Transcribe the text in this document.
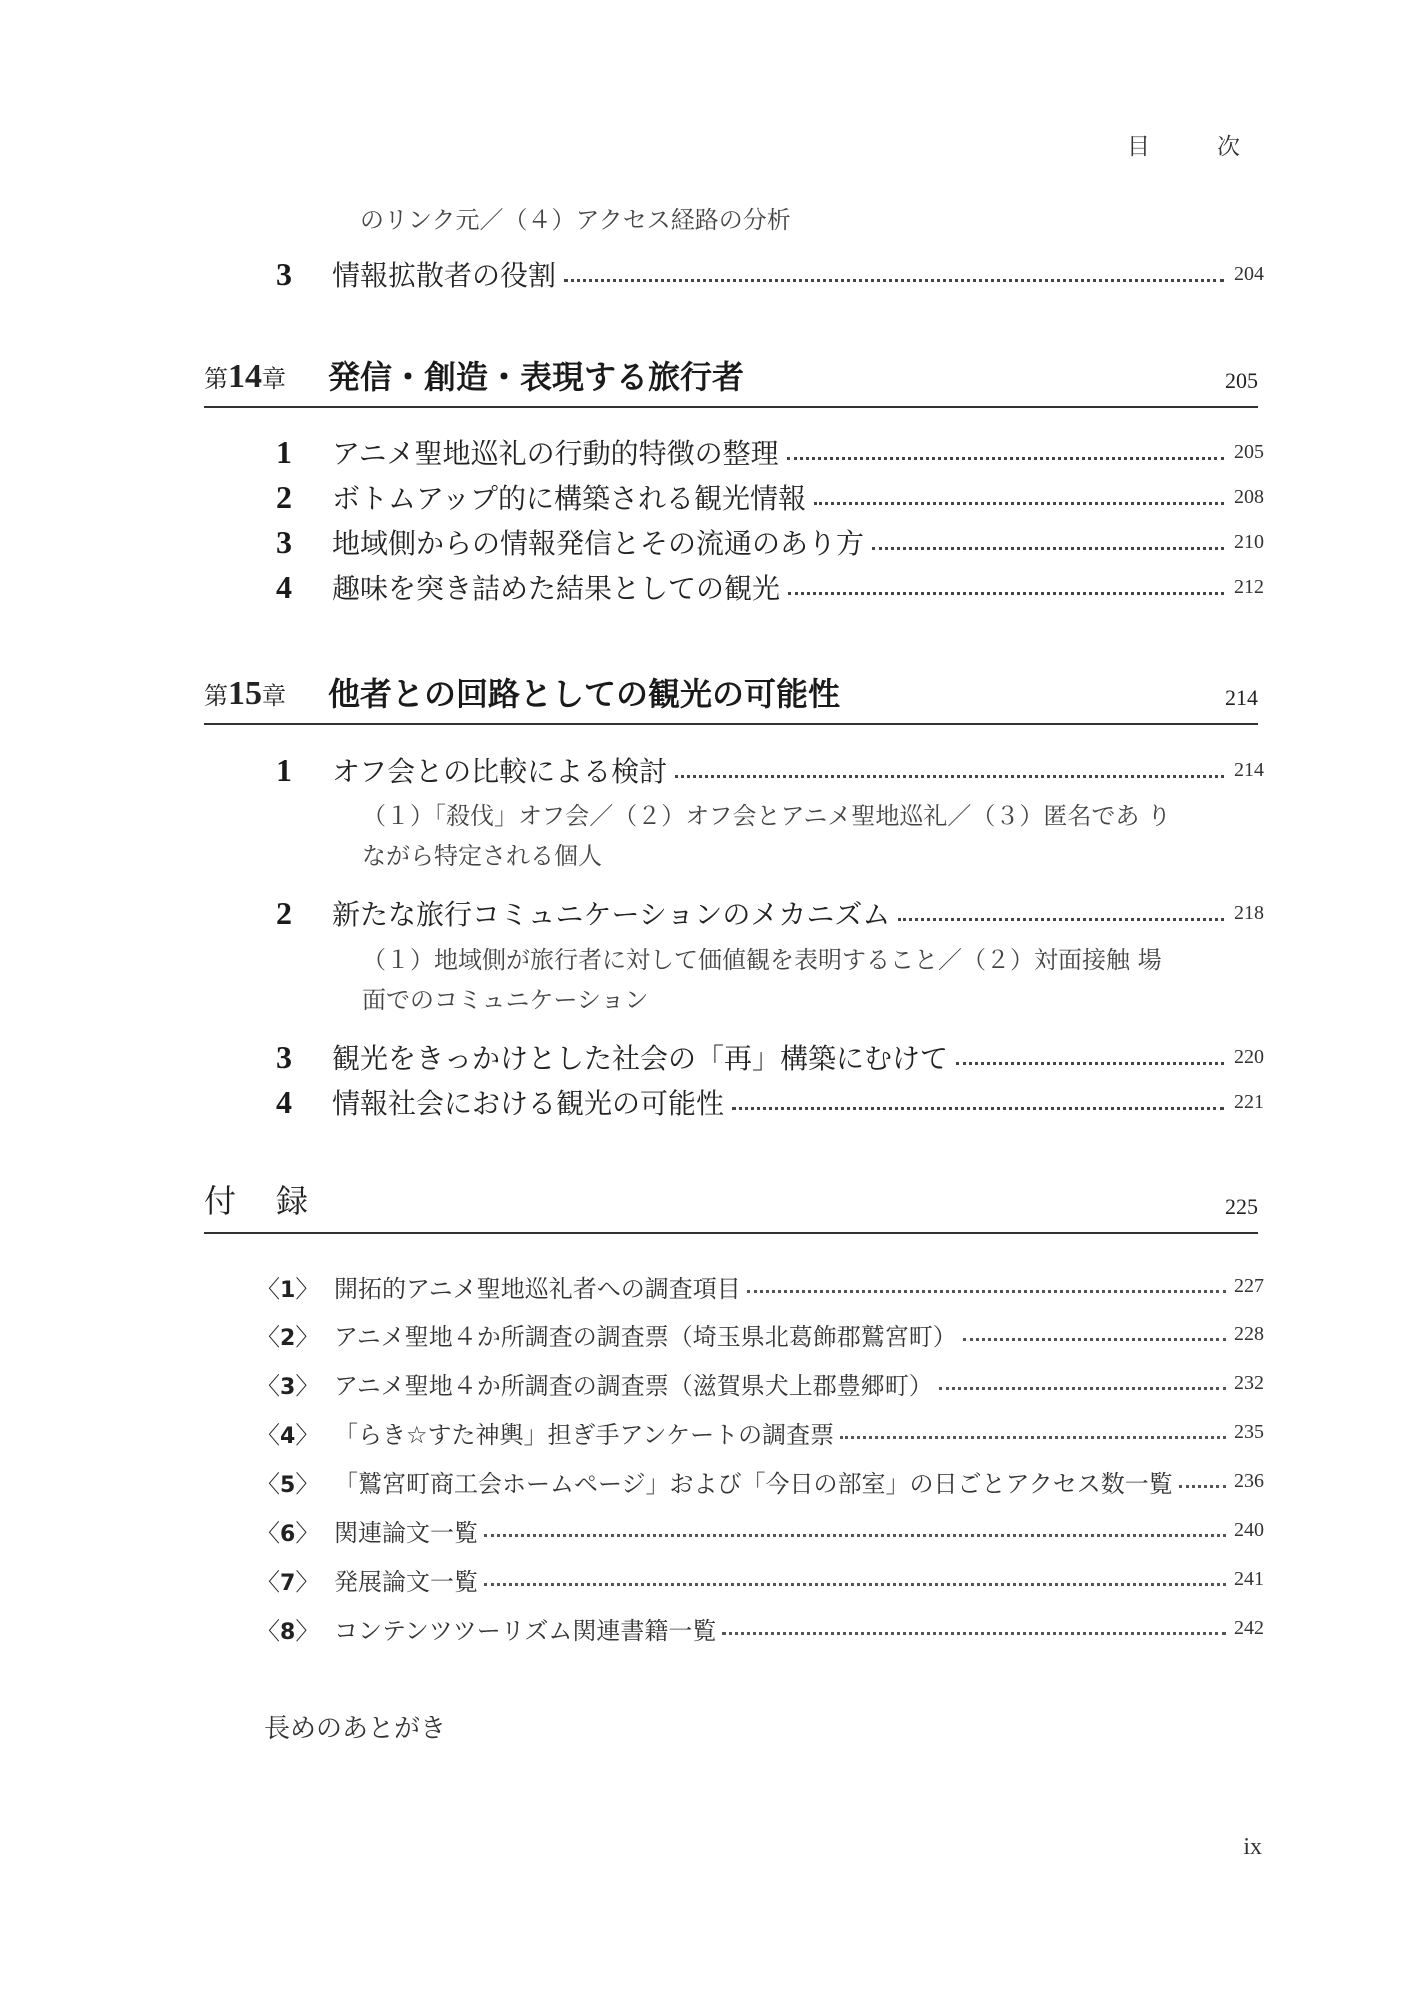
目　次
のリンク元／（４）アクセス経路の分析
3	情報拡散者の役割	204
第14章 発信・創造・表現する旅行者	205
1	アニメ聖地巡礼の行動的特徴の整理	205
2	ボトムアップ的に構築される観光情報	208
3	地域側からの情報発信とその流通のあり方	210
4	趣味を突き詰めた結果としての観光	212
第15章 他者との回路としての観光の可能性	214
1	オフ会との比較による検討	214
（１）「殺伐」オフ会／（２）オフ会とアニメ聖地巡礼／（３）匿名であ りながら特定される個人
2	新たな旅行コミュニケーションのメカニズム	218
（１）地域側が旅行者に対して価値観を表明すること／（２）対面接触 場面でのコミュニケーション
3	観光をきっかけとした社会の「再」構築にむけて	220
4	情報社会における観光の可能性	221
付　録	225
〈1〉 開拓的アニメ聖地巡礼者への調査項目	227
〈2〉 アニメ聖地４か所調査の調査票（埼玉県北葛飾郡鷲宮町）	228
〈3〉 アニメ聖地４か所調査の調査票（滋賀県犬上郡豊郷町）	232
〈4〉 「らき☆すた神輿」担ぎ手アンケートの調査票	235
〈5〉 「鷲宮町商工会ホームページ」および「今日の部室」の日ごとアクセス数一覧	236
〈6〉 関連論文一覧	240
〈7〉 発展論文一覧	241
〈8〉 コンテンツツーリズム関連書籍一覧	242
長めのあとがき
ix
